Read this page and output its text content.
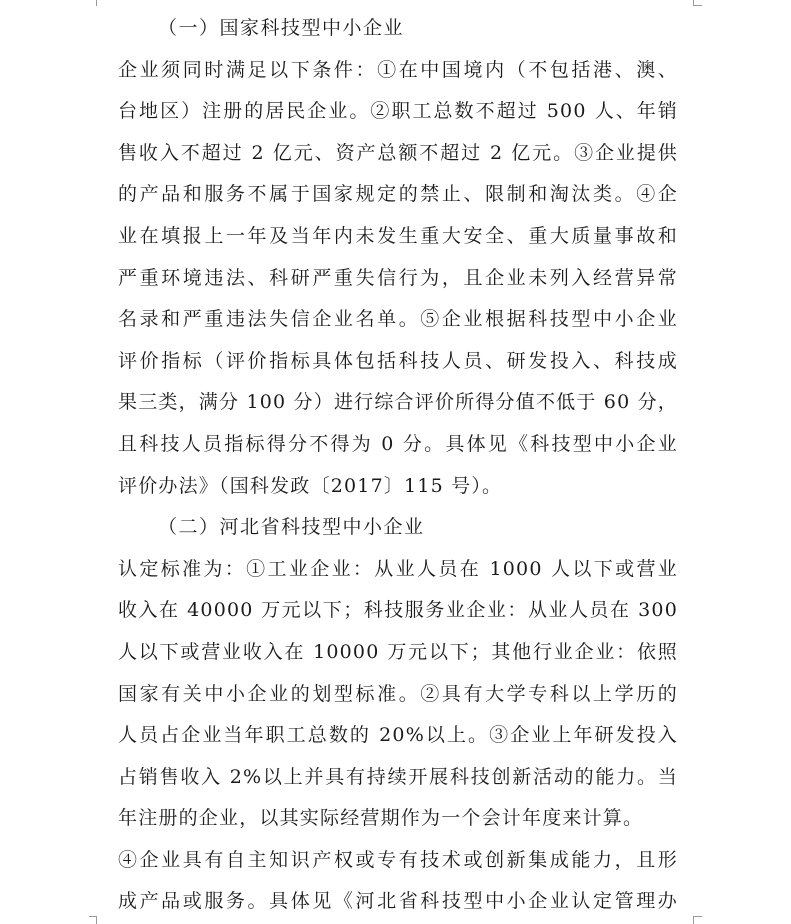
（一）国家科技型中小企业
企业须同时满足以下条件：①在中国境内（不包括港、澳、
台地区）注册的居民企业。②职工总数不超过 500 人、年销
售收入不超过 2 亿元、资产总额不超过 2 亿元。③企业提供
的产品和服务不属于国家规定的禁止、限制和淘汰类。④企
业在填报上一年及当年内未发生重大安全、重大质量事故和
严重环境违法、科研严重失信行为，且企业未列入经营异常
名录和严重违法失信企业名单。⑤企业根据科技型中小企业
评价指标（评价指标具体包括科技人员、研发投入、科技成
果三类，满分 100 分）进行综合评价所得分值不低于 60 分，
且科技人员指标得分不得为 0 分。具体见《科技型中小企业
评价办法》（国科发政〔2017〕115 号）。
（二）河北省科技型中小企业
认定标准为：①工业企业：从业人员在 1000 人以下或营业
收入在 40000 万元以下；科技服务业企业：从业人员在 300
人以下或营业收入在 10000 万元以下；其他行业企业：依照
国家有关中小企业的划型标准。②具有大学专科以上学历的
人员占企业当年职工总数的 20%以上。③企业上年研发投入
占销售收入 2%以上并具有持续开展科技创新活动的能力。当
年注册的企业，以其实际经营期作为一个会计年度来计算。
④企业具有自主知识产权或专有技术或创新集成能力，且形
成产品或服务。具体见《河北省科技型中小企业认定管理办
